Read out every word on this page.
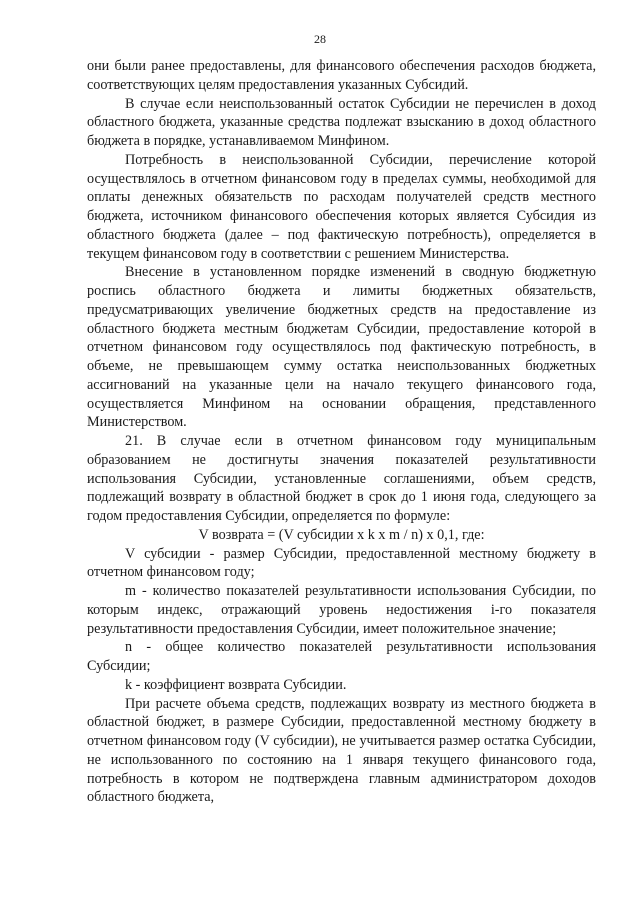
28

они были ранее предоставлены, для финансового обеспечения расходов бюджета, соответствующих целям предоставления указанных Субсидий.

В случае если неиспользованный остаток Субсидии не перечислен в доход областного бюджета, указанные средства подлежат взысканию в доход областного бюджета в порядке, устанавливаемом Минфином.

Потребность в неиспользованной Субсидии, перечисление которой осуществлялось в отчетном финансовом году в пределах суммы, необходимой для оплаты денежных обязательств по расходам получателей средств местного бюджета, источником финансового обеспечения которых является Субсидия из областного бюджета (далее – под фактическую потребность), определяется в текущем финансовом году в соответствии с решением Министерства.

Внесение в установленном порядке изменений в сводную бюджетную роспись областного бюджета и лимиты бюджетных обязательств, предусматривающих увеличение бюджетных средств на предоставление из областного бюджета местным бюджетам Субсидии, предоставление которой в отчетном финансовом году осуществлялось под фактическую потребность, в объеме, не превышающем сумму остатка неиспользованных бюджетных ассигнований на указанные цели на начало текущего финансового года, осуществляется Минфином на основании обращения, представленного Министерством.

21. В случае если в отчетном финансовом году муниципальным образованием не достигнуты значения показателей результативности использования Субсидии, установленные соглашениями, объем средств, подлежащий возврату в областной бюджет в срок до 1 июня года, следующего за годом предоставления Субсидии, определяется по формуле:

V возврата = (V субсидии x k x m / n) x 0,1, где:

V субсидии - размер Субсидии, предоставленной местному бюджету в отчетном финансовом году;

m - количество показателей результативности использования Субсидии, по которым индекс, отражающий уровень недостижения i-го показателя результативности предоставления Субсидии, имеет положительное значение;

n - общее количество показателей результативности использования Субсидии;

k - коэффициент возврата Субсидии.

При расчете объема средств, подлежащих возврату из местного бюджета в областной бюджет, в размере Субсидии, предоставленной местному бюджету в отчетном финансовом году (V субсидии), не учитывается размер остатка Субсидии, не использованного по состоянию на 1 января текущего финансового года, потребность в котором не подтверждена главным администратором доходов областного бюджета,
